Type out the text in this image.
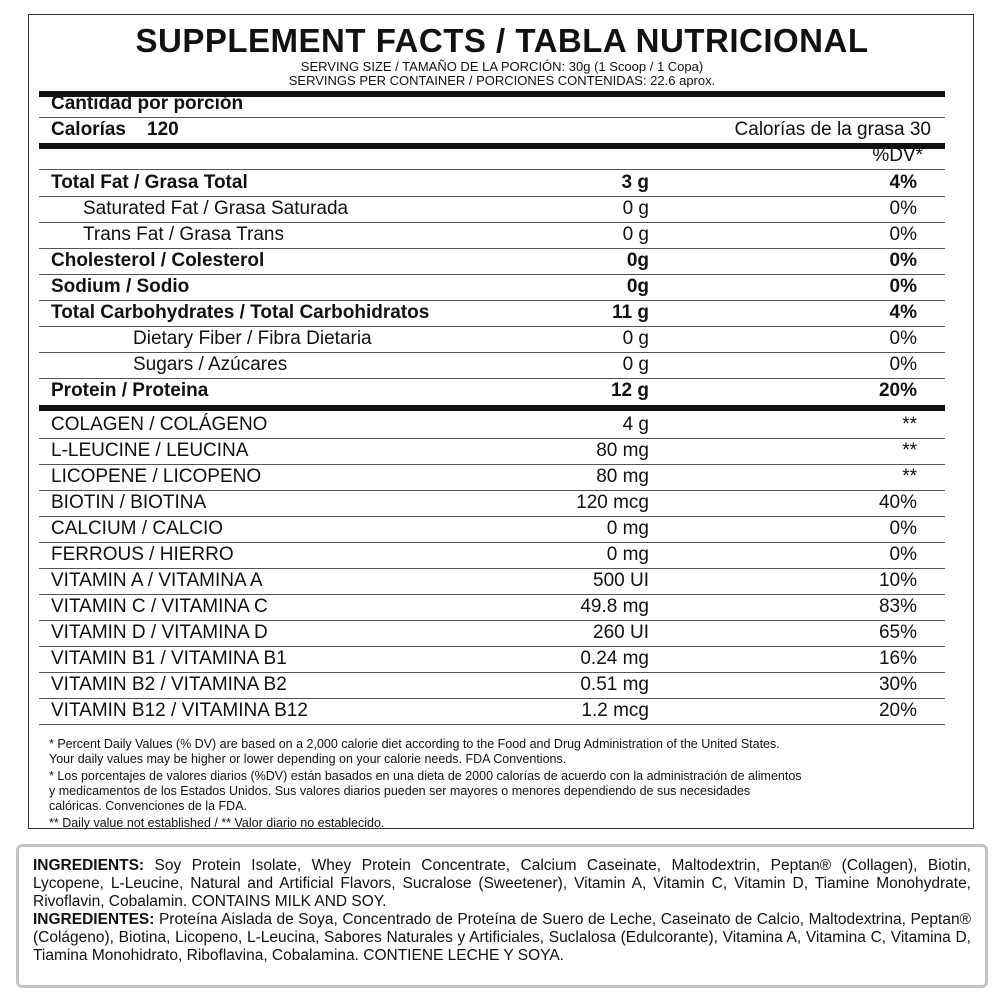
SUPPLEMENT FACTS / TABLA NUTRICIONAL
SERVING SIZE / TAMAÑO DE LA PORCIÓN: 30g (1 Scoop / 1 Copa)
SERVINGS PER CONTAINER / PORCIONES CONTENIDAS: 22.6 aprox.
Cantidad por porción
Calorías 120	Calorías de la grasa 30
%DV*
Total Fat / Grasa Total	3 g	4%
Saturated Fat / Grasa Saturada	0 g	0%
Trans Fat / Grasa Trans	0 g	0%
Cholesterol / Colesterol	0g	0%
Sodium / Sodio	0g	0%
Total Carbohydrates / Total Carbohidratos	11 g	4%
Dietary Fiber / Fibra Dietaria	0 g	0%
Sugars / Azúcares	0 g	0%
Protein / Proteina	12 g	20%
COLAGEN / COLÁGENO	4 g	**
L-LEUCINE / LEUCINA	80 mg	**
LICOPENE / LICOPENO	80 mg	**
BIOTIN / BIOTINA	120 mcg	40%
CALCIUM / CALCIO	0 mg	0%
FERROUS / HIERRO	0 mg	0%
VITAMIN A / VITAMINA A	500 UI	10%
VITAMIN C / VITAMINA C	49.8 mg	83%
VITAMIN D / VITAMINA D	260 UI	65%
VITAMIN B1 / VITAMINA B1	0.24 mg	16%
VITAMIN B2 / VITAMINA B2	0.51 mg	30%
VITAMIN B12 / VITAMINA B12	1.2 mcg	20%
* Percent Daily Values (% DV) are based on a 2,000 calorie diet according to the Food and Drug Administration of the United States.
Your daily values may be higher or lower depending on your calorie needs. FDA Conventions.
* Los porcentajes de valores diarios (%DV) están basados en una dieta de 2000 calorías de acuerdo con la administración de alimentos
y medicamentos de los Estados Unidos. Sus valores diarios pueden ser mayores o menores dependiendo de sus necesidades
calóricas. Convenciones de la FDA.
** Daily value not established / ** Valor diario no establecido.

INGREDIENTS: Soy Protein Isolate, Whey Protein Concentrate, Calcium Caseinate, Maltodextrin, Peptan® (Collagen), Biotin, Lycopene, L-Leucine, Natural and Artificial Flavors, Sucralose (Sweetener), Vitamin A, Vitamin C, Vitamin D, Tiamine Monohydrate, Rivoflavin, Cobalamin. CONTAINS MILK AND SOY.

INGREDIENTES: Proteína Aislada de Soya, Concentrado de Proteína de Suero de Leche, Caseinato de Calcio, Maltodextrina, Peptan® (Colágeno), Biotina, Licopeno, L-Leucina, Sabores Naturales y Artificiales, Suclalosa (Edulcorante), Vitamina A, Vitamina C, Vitamina D, Tiamina Monohidrato, Riboflavina, Cobalamina. CONTIENE LECHE Y SOYA.
